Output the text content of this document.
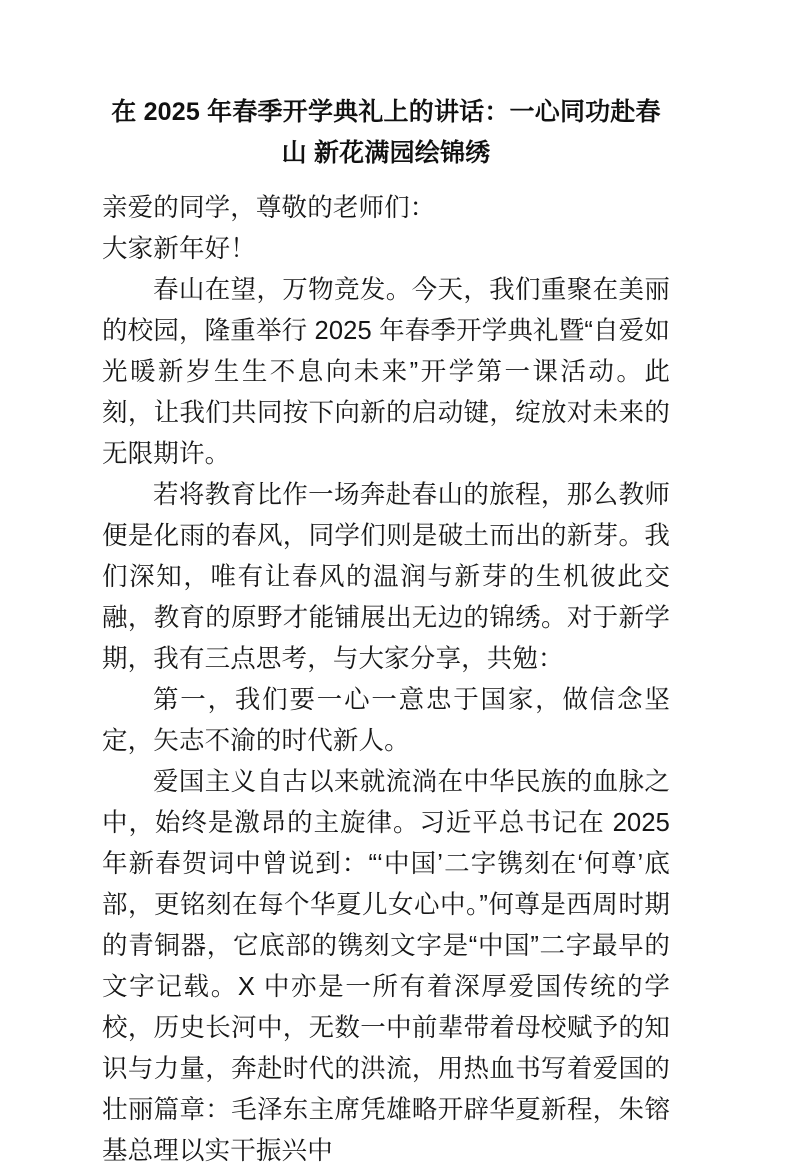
在 2025 年春季开学典礼上的讲话：一心同功赴春山 新花满园绘锦绣

亲爱的同学，尊敬的老师们：

大家新年好！

春山在望，万物竞发。今天，我们重聚在美丽的校园，隆重举行 2025 年春季开学典礼暨“自爱如光暖新岁生生不息向未来”开学第一课活动。此刻，让我们共同按下向新的启动键，绽放对未来的无限期许。

若将教育比作一场奔赴春山的旅程，那么教师便是化雨的春风，同学们则是破土而出的新芽。我们深知，唯有让春风的温润与新芽的生机彼此交融，教育的原野才能铺展出无边的锦绣。对于新学期，我有三点思考，与大家分享，共勉：

第一，我们要一心一意忠于国家，做信念坚定，矢志不渝的时代新人。

爱国主义自古以来就流淌在中华民族的血脉之中，始终是激昂的主旋律。习近平总书记在 2025 年新春贺词中曾说到：“‘中国’二字镌刻在‘何尊’底部，更铭刻在每个华夏儿女心中。”何尊是西周时期的青铜器，它底部的镌刻文字是“中国”二字最早的文字记载。X 中亦是一所有着深厚爱国传统的学校，历史长河中，无数一中前辈带着母校赋予的知识与力量，奔赴时代的洪流，用热血书写着爱国的壮丽篇章：毛泽东主席凭雄略开辟华夏新程，朱镕基总理以实干振兴中
